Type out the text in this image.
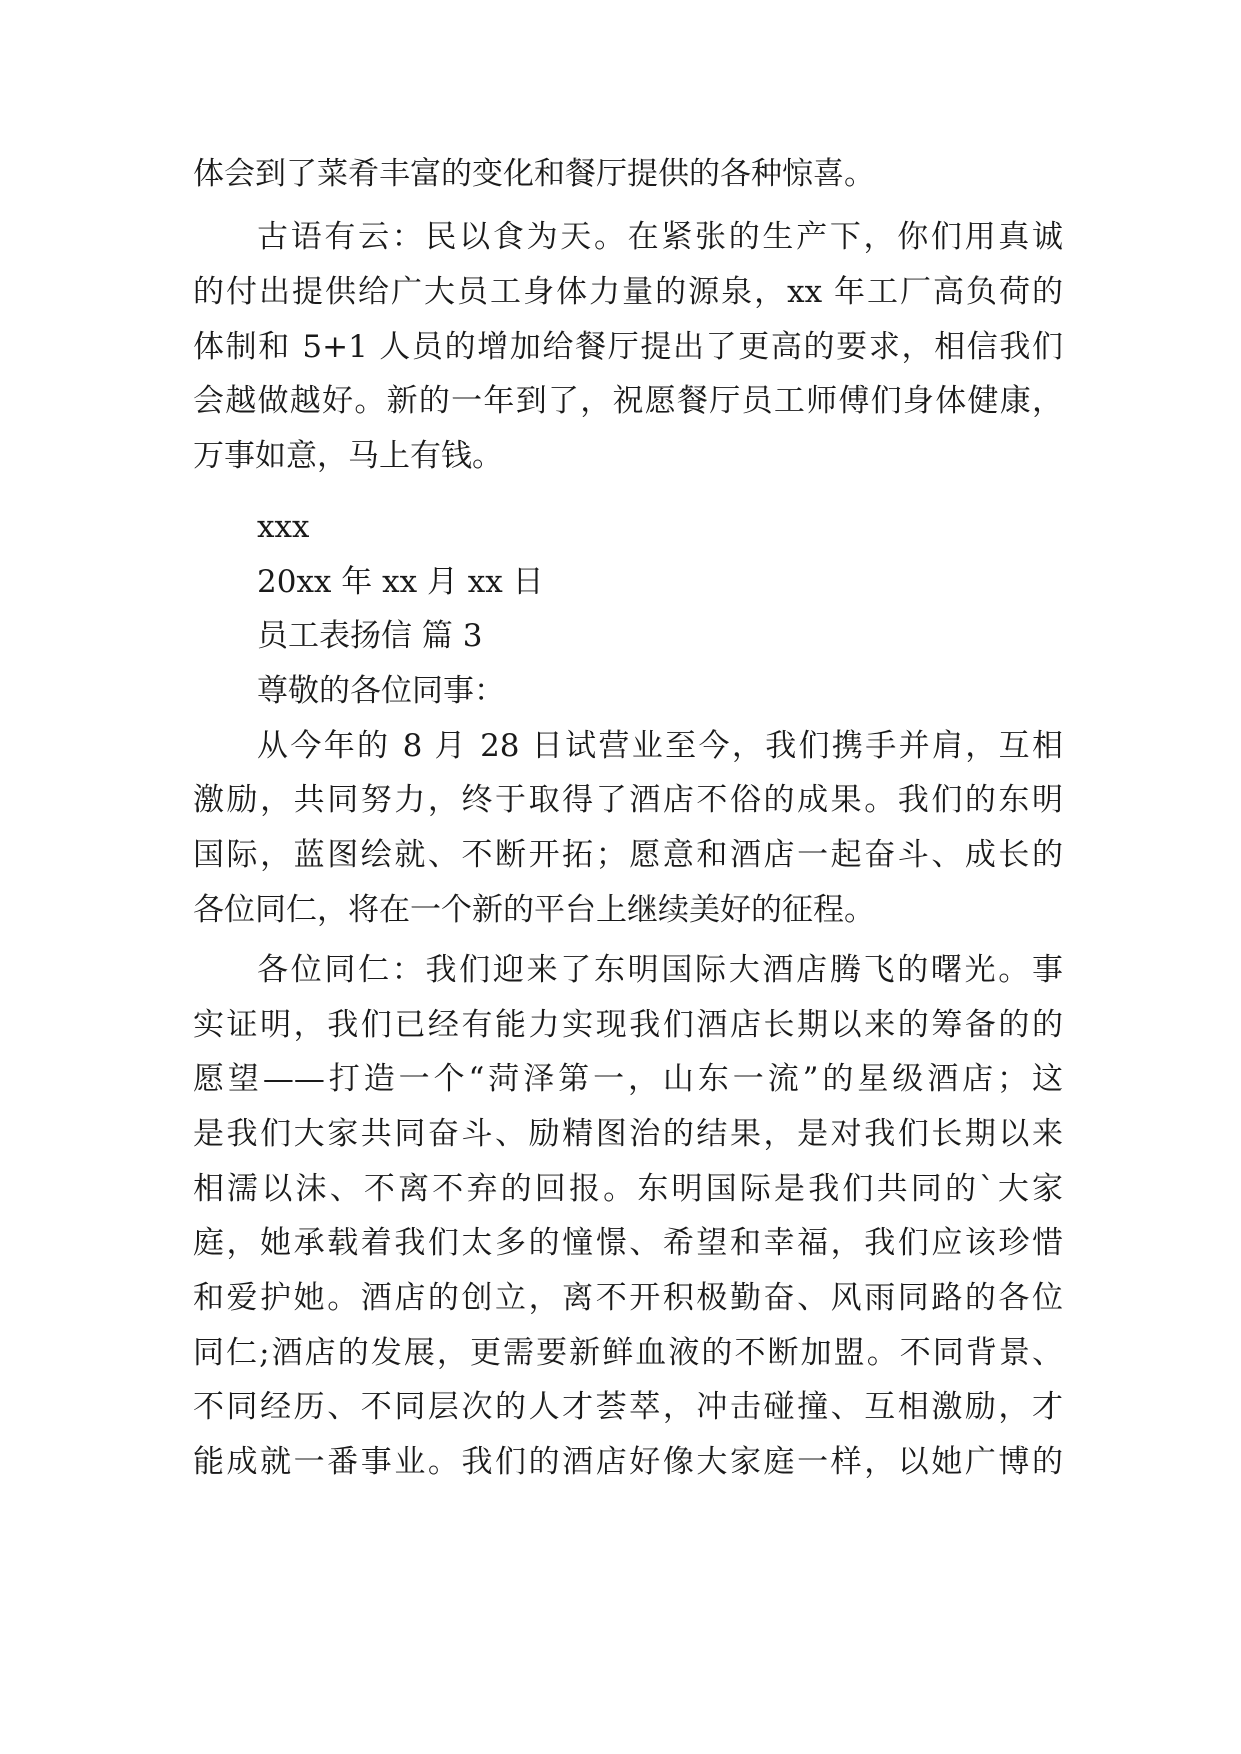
体会到了菜肴丰富的变化和餐厅提供的各种惊喜。
古语有云：民以食为天。在紧张的生产下，你们用真诚
的付出提供给广大员工身体力量的源泉，xx 年工厂高负荷的
体制和 5+1 人员的增加给餐厅提出了更高的要求，相信我们
会越做越好。新的一年到了，祝愿餐厅员工师傅们身体健康，
万事如意，马上有钱。
xxx
20xx 年 xx 月 xx 日
员工表扬信 篇 3
尊敬的各位同事：
从今年的 8 月 28 日试营业至今，我们携手并肩，互相
激励，共同努力，终于取得了酒店不俗的成果。我们的东明
国际，蓝图绘就、不断开拓；愿意和酒店一起奋斗、成长的
各位同仁，将在一个新的平台上继续美好的征程。
各位同仁：我们迎来了东明国际大酒店腾飞的曙光。事
实证明，我们已经有能力实现我们酒店长期以来的筹备的的
愿望——打造一个“菏泽第一，山东一流”的星级酒店；这
是我们大家共同奋斗、励精图治的结果，是对我们长期以来
相濡以沫、不离不弃的回报。东明国际是我们共同的`大家
庭，她承载着我们太多的憧憬、希望和幸福，我们应该珍惜
和爱护她。酒店的创立，离不开积极勤奋、风雨同路的各位
同仁;酒店的发展，更需要新鲜血液的不断加盟。不同背景、
不同经历、不同层次的人才荟萃，冲击碰撞、互相激励，才
能成就一番事业。我们的酒店好像大家庭一样，以她广博的
